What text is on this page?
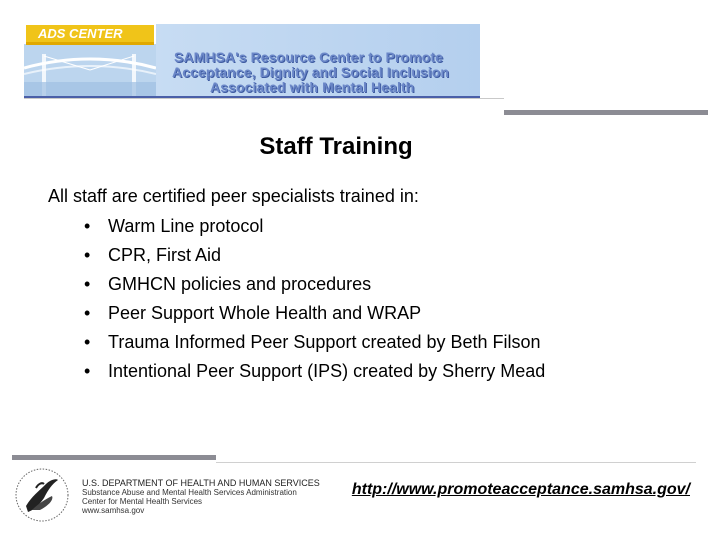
ADS CENTER
SAMHSA's Resource Center to Promote
Acceptance, Dignity and Social Inclusion
Associated with Mental Health
Staff Training
All staff are certified peer specialists trained in:
• Warm Line protocol
• CPR, First Aid
• GMHCN policies and procedures
• Peer Support Whole Health and WRAP
• Trauma Informed Peer Support created by Beth Filson
• Intentional Peer Support (IPS) created by Sherry Mead
U.S. DEPARTMENT OF HEALTH AND HUMAN SERVICES
Substance Abuse and Mental Health Services Administration
Center for Mental Health Services
www.samhsa.gov
http://www.promoteacceptance.samhsa.gov/
